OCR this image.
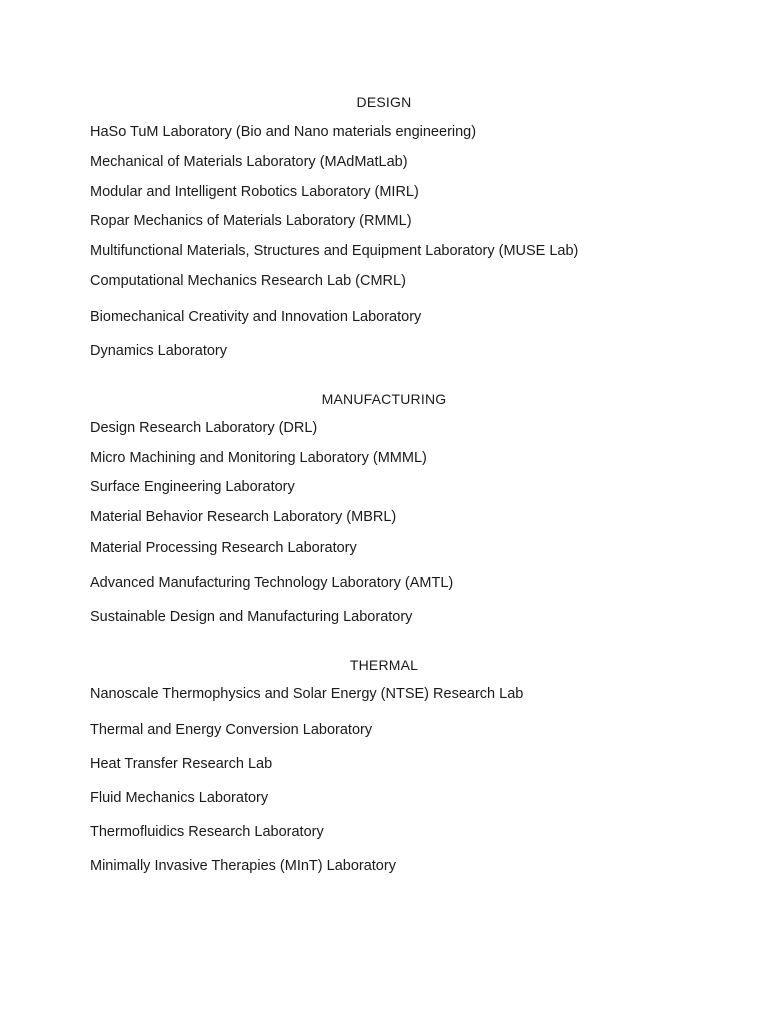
DESIGN
HaSo TuM Laboratory (Bio and Nano materials engineering)
Mechanical of Materials Laboratory (MAdMatLab)
Modular and Intelligent Robotics Laboratory (MIRL)
Ropar Mechanics of Materials Laboratory (RMML)
Multifunctional Materials, Structures and Equipment Laboratory (MUSE Lab)
Computational Mechanics Research Lab (CMRL)
Biomechanical Creativity and Innovation Laboratory
Dynamics Laboratory
MANUFACTURING
Design Research Laboratory (DRL)
Micro Machining and Monitoring Laboratory (MMML)
Surface Engineering Laboratory
Material Behavior Research Laboratory (MBRL)
Material Processing Research Laboratory
Advanced Manufacturing Technology Laboratory (AMTL)
Sustainable Design and Manufacturing Laboratory
THERMAL
Nanoscale Thermophysics and Solar Energy (NTSE) Research Lab
Thermal and Energy Conversion Laboratory
Heat Transfer Research Lab
Fluid Mechanics Laboratory
Thermofluidics Research Laboratory
Minimally Invasive Therapies (MInT) Laboratory
